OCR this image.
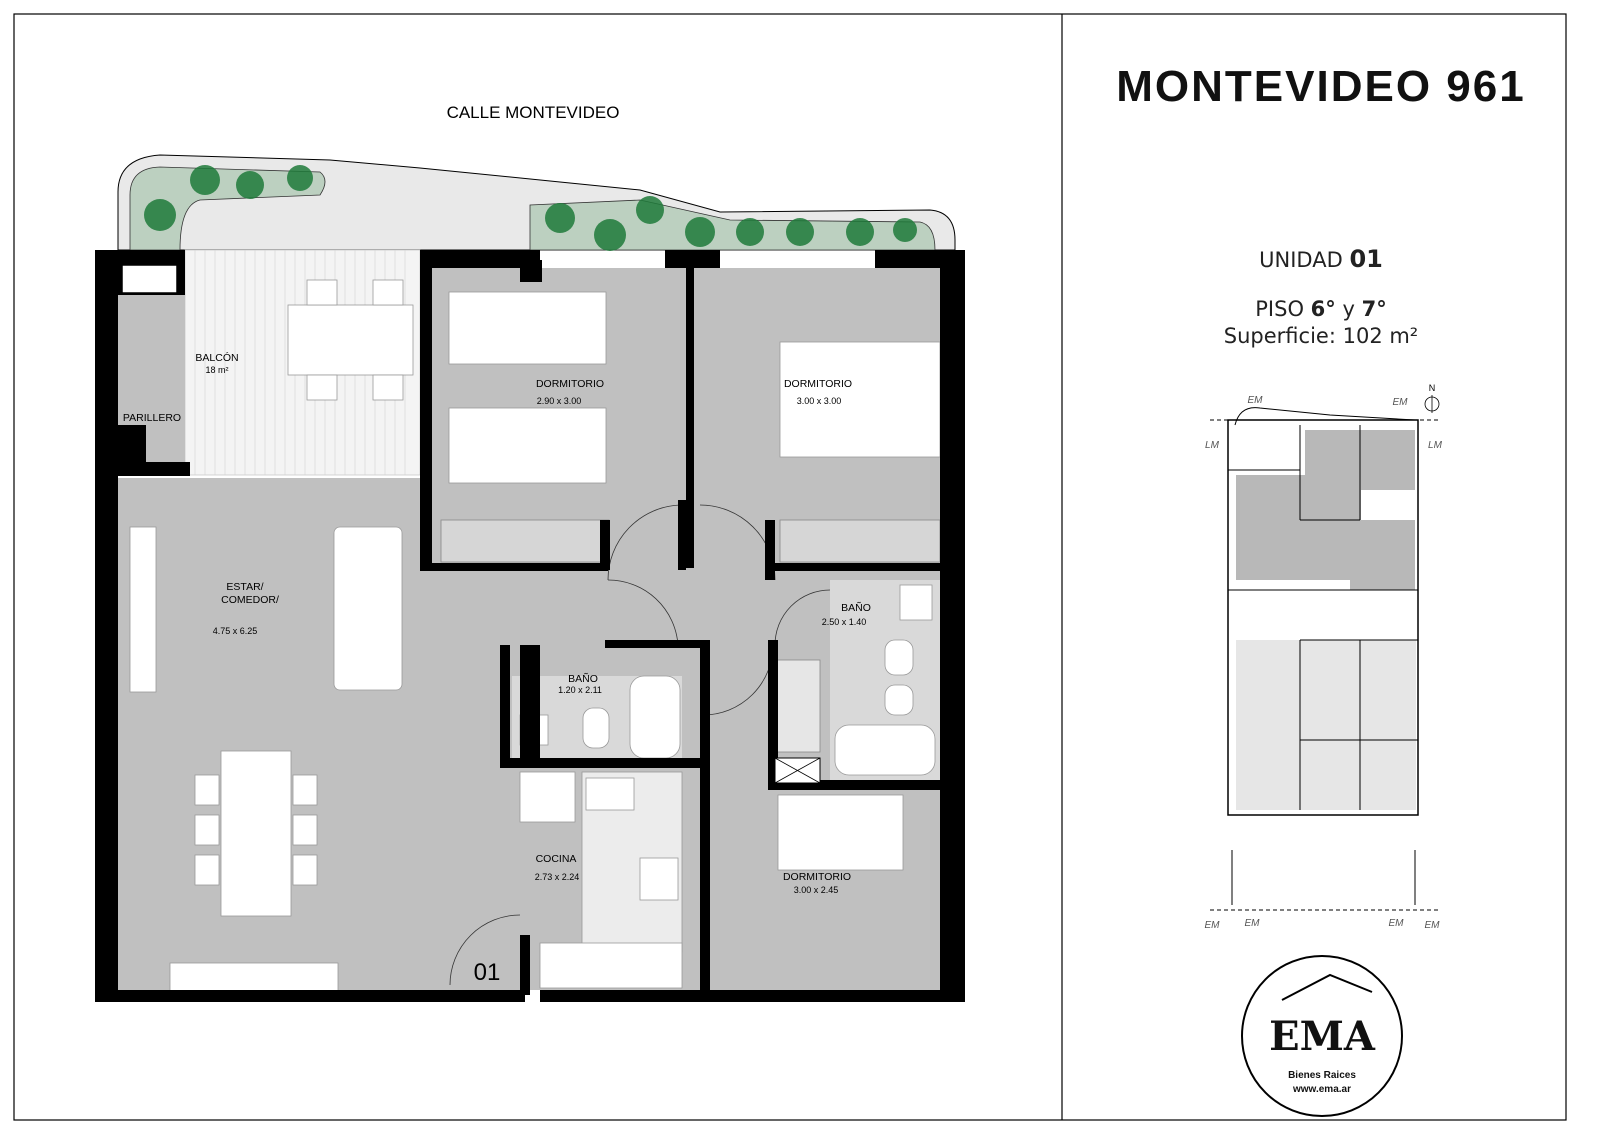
CALLE MONTEVIDEO
BALCÓN
18 m²
PARILLERO
DORMITORIO
2.90 x 3.00
DORMITORIO
3.00 x 3.00
ESTAR/
COMEDOR/
4.75 x 6.25
BAÑO
1.20 x 2.11
BAÑO
2.50 x 1.40
COCINA
2.73 x 2.24	DORMITORIO
3.00 x 2.45
01
MONTEVIDEO 961
UNIDAD 01
PISO 6° y 7°
Superficie: 102 m²
N
EM	EM
LM	LM
EM	EM	EM EM
EMA
Bienes Raices
www.ema.ar
